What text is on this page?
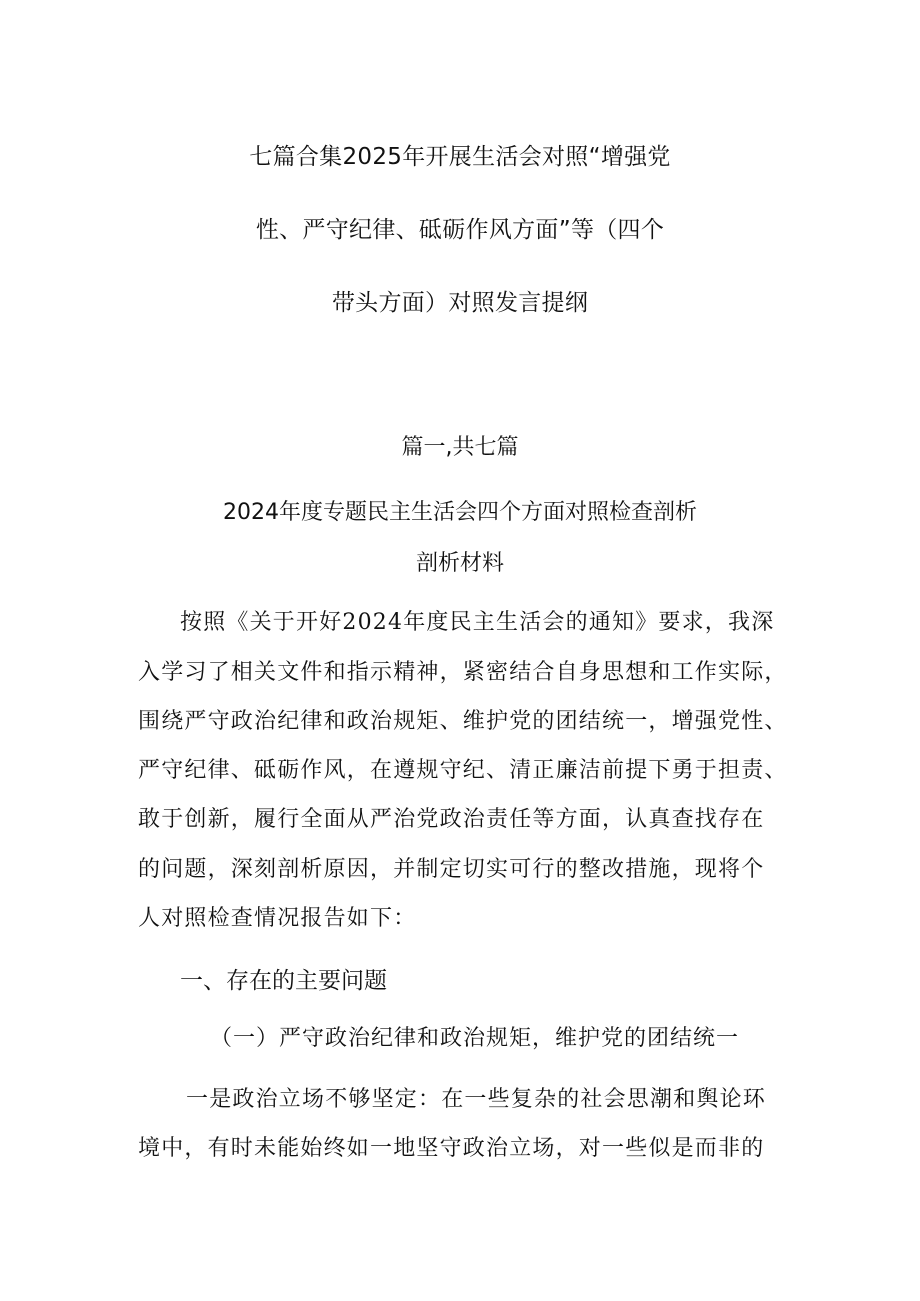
七篇合集2025年开展生活会对照“增强党

性、严守纪律、砥砺作风方面”等（四个

带头方面）对照发言提纲

篇一,共七篇

2024年度专题民主生活会四个方面对照检查剖析

剖析材料

按照《关于开好2024年度民主生活会的通知》要求，我深

入学习了相关文件和指示精神，紧密结合自身思想和工作实际，

围绕严守政治纪律和政治规矩、维护党的团结统一，增强党性、

严守纪律、砥砺作风，在遵规守纪、清正廉洁前提下勇于担责、

敢于创新，履行全面从严治党政治责任等方面，认真查找存在

的问题，深刻剖析原因，并制定切实可行的整改措施，现将个

人对照检查情况报告如下：

一、存在的主要问题

（一）严守政治纪律和政治规矩，维护党的团结统一

一是政治立场不够坚定：在一些复杂的社会思潮和舆论环

境中，有时未能始终如一地坚守政治立场，对一些似是而非的
